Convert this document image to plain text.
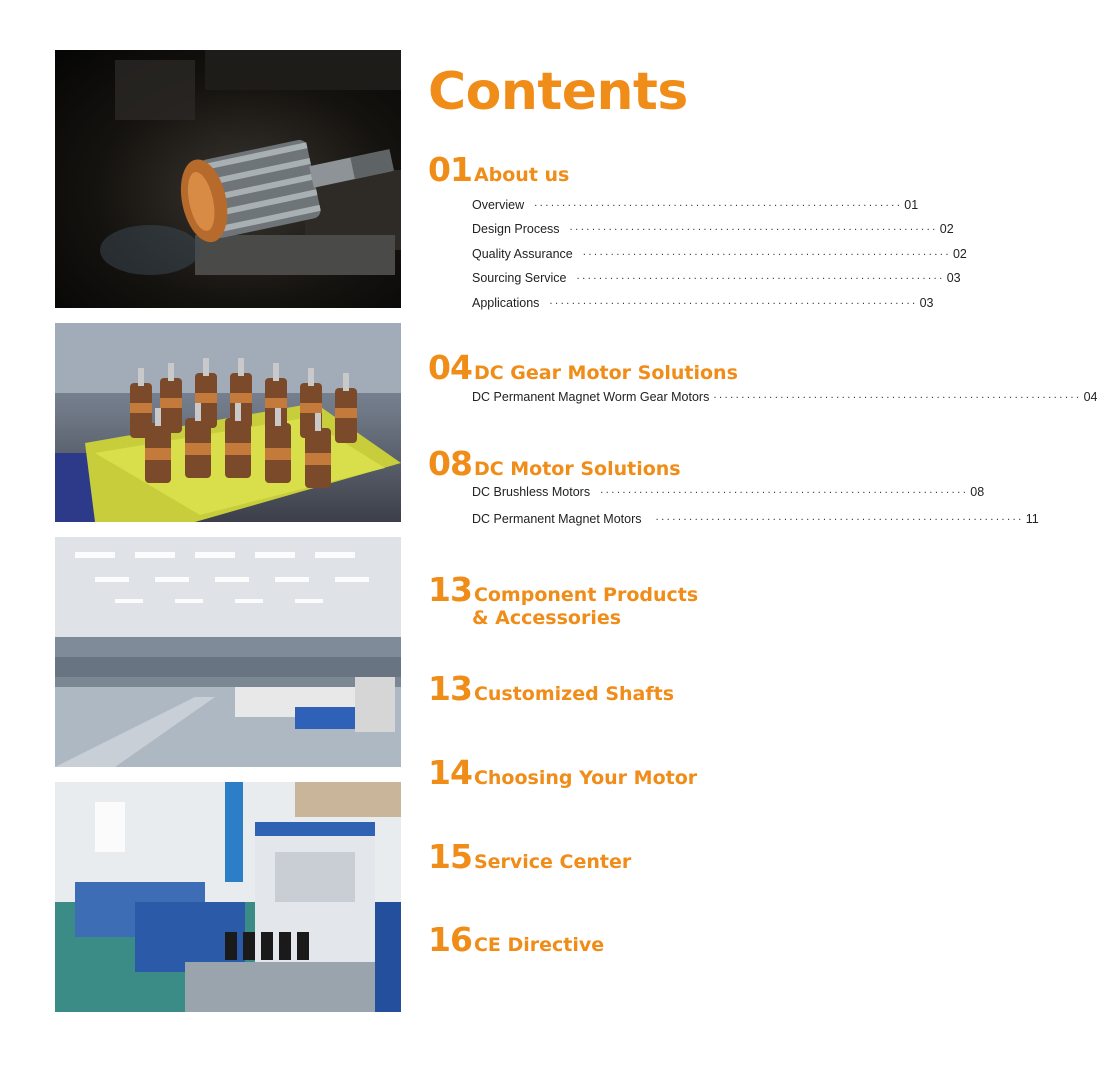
Contents
01 About us
Overview ·································································· 01
Design Process ·································································· 02
Quality Assurance ·································································· 02
Sourcing Service ·································································· 03
Applications ·································································· 03
04 DC Gear Motor Solutions
DC Permanent Magnet Worm Gear Motors ·································································· 04
08 DC Motor Solutions
DC Brushless Motors ·································································· 08
DC Permanent Magnet Motors ·································································· 11
13 Component Products
& Accessories
13 Customized Shafts
14 Choosing Your Motor
15 Service Center
16 CE Directive
